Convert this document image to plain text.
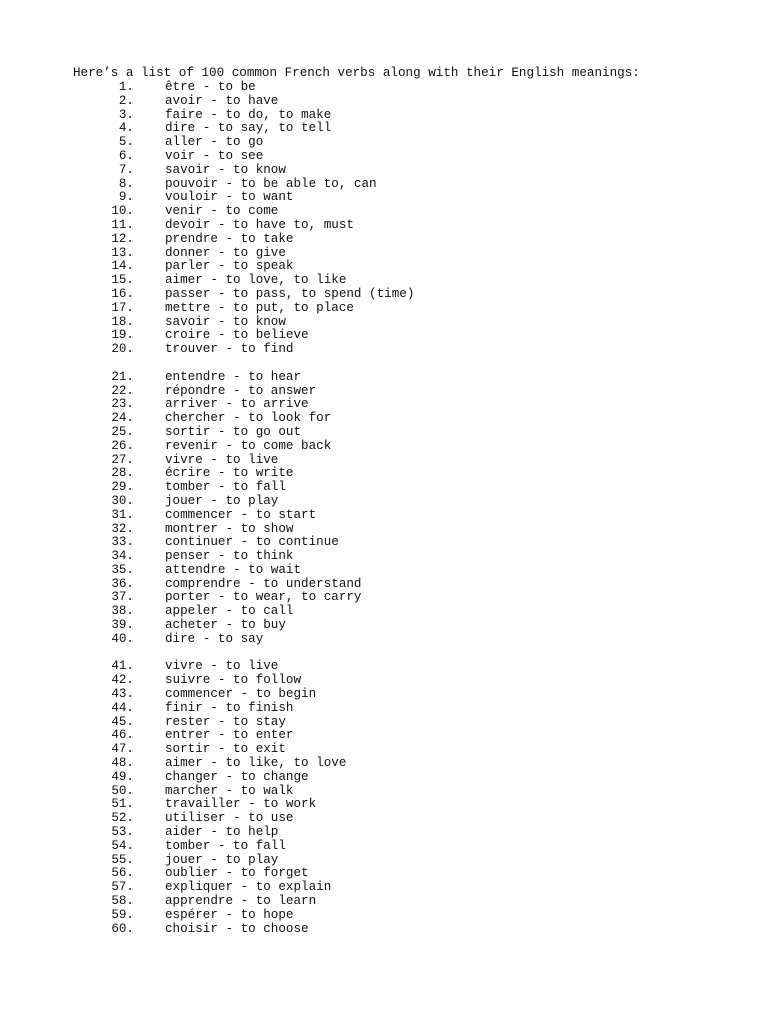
Here’s a list of 100 common French verbs along with their English meanings:
1. être - to be
2. avoir - to have
3. faire - to do, to make
4. dire - to say, to tell
5. aller - to go
6. voir - to see
7. savoir - to know
8. pouvoir - to be able to, can
9. vouloir - to want
10. venir - to come
11. devoir - to have to, must
12. prendre - to take
13. donner - to give
14. parler - to speak
15. aimer - to love, to like
16. passer - to pass, to spend (time)
17. mettre - to put, to place
18. savoir - to know
19. croire - to believe
20. trouver - to find
21. entendre - to hear
22. répondre - to answer
23. arriver - to arrive
24. chercher - to look for
25. sortir - to go out
26. revenir - to come back
27. vivre - to live
28. écrire - to write
29. tomber - to fall
30. jouer - to play
31. commencer - to start
32. montrer - to show
33. continuer - to continue
34. penser - to think
35. attendre - to wait
36. comprendre - to understand
37. porter - to wear, to carry
38. appeler - to call
39. acheter - to buy
40. dire - to say
41. vivre - to live
42. suivre - to follow
43. commencer - to begin
44. finir - to finish
45. rester - to stay
46. entrer - to enter
47. sortir - to exit
48. aimer - to like, to love
49. changer - to change
50. marcher - to walk
51. travailler - to work
52. utiliser - to use
53. aider - to help
54. tomber - to fall
55. jouer - to play
56. oublier - to forget
57. expliquer - to explain
58. apprendre - to learn
59. espérer - to hope
60. choisir - to choose
